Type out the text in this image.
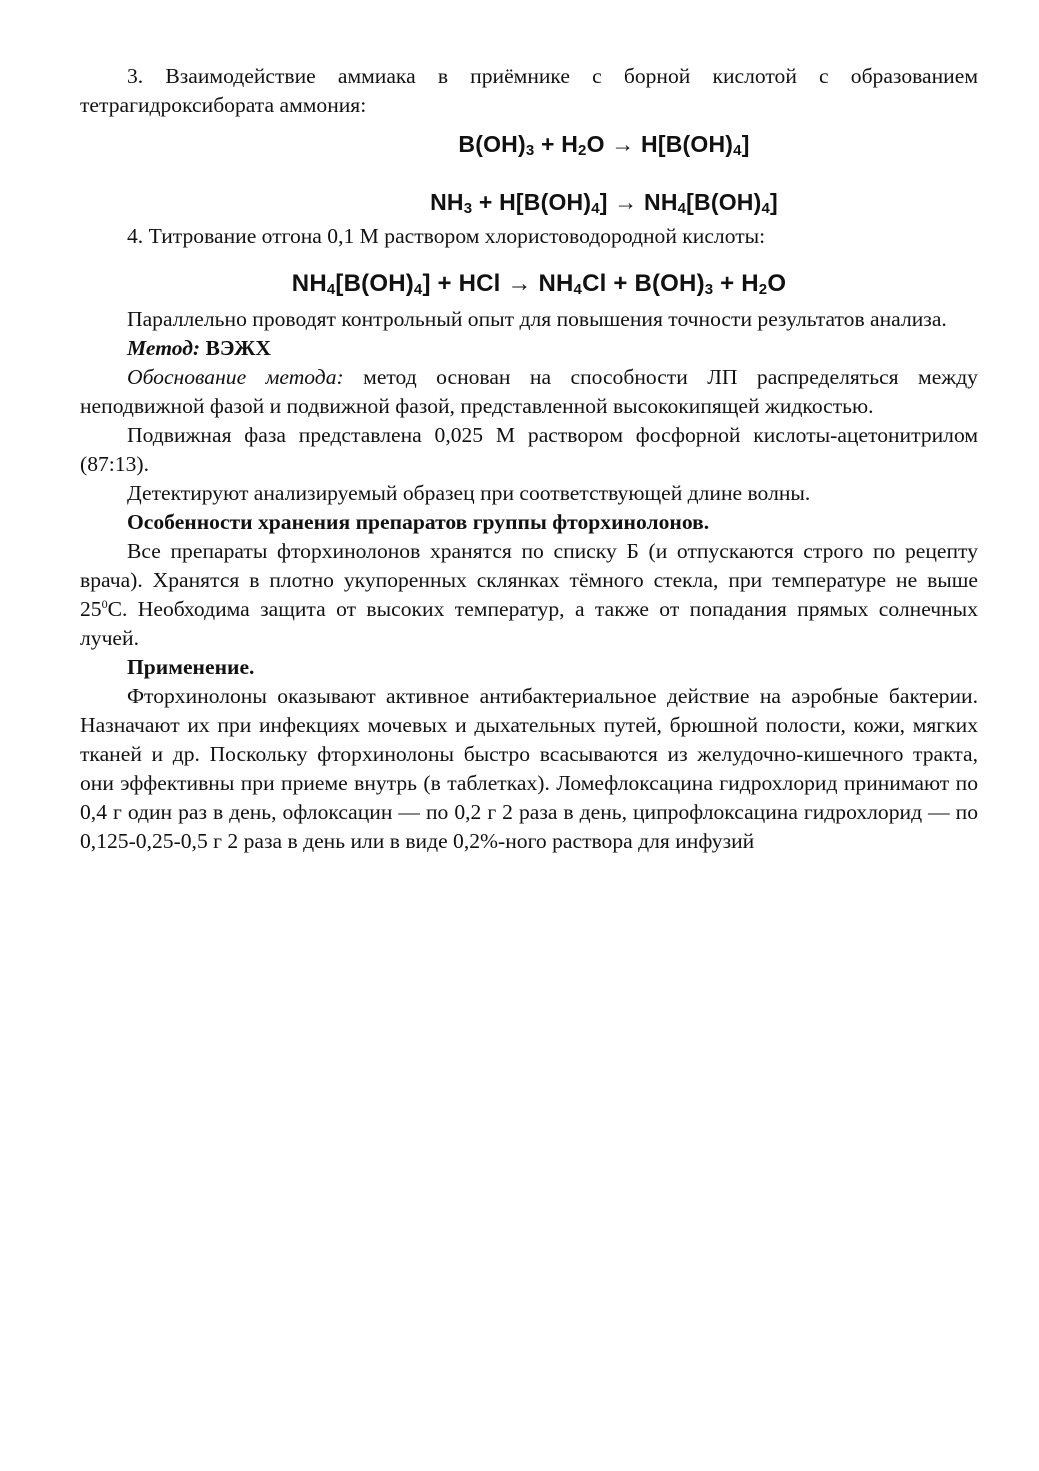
3. Взаимодействие аммиака в приёмнике с борной кислотой с образованием тетрагидроксибората аммония:

$B(OH)_3 + H_2O \to H[B(OH)_4]$
$NH_3 + H[B(OH)_4] \to NH_4[B(OH)_4]$

4. Титрование отгона 0,1 М раствором хлористоводородной кислоты:

$NH_4[B(OH)_4]$ + HCl → $NH_4Cl + B(OH)_3 + H_2O$

Параллельно проводят контрольный опыт для повышения точности результатов анализа.

Метод: ВЭЖХ

Обоснование метода: метод основан на способности ЛП распределяться между неподвижной фазой и подвижной фазой, представленной высококипящей жидкостью.

Подвижная фаза представлена 0,025 М раствором фосфорной кислоты-ацетонитрилом (87:13).

Детектируют анализируемый образец при соответствующей длине волны.

Особенности хранения препаратов группы фторхинолонов.

Все препараты фторхинолонов хранятся по списку Б (и отпускаются строго по рецепту врача). Хранятся в плотно укупоренных склянках тёмного стекла, при температуре не выше $25^0С$. Необходима защита от высоких температур, а также от попадания прямых солнечных лучей.

Применение.

Фторхинолоны оказывают активное антибактериальное действие на аэробные бактерии. Назначают их при инфекциях мочевых и дыхательных путей, брюшной полости, кожи, мягких тканей и др. Поскольку фторхинолоны быстро всасываются из желудочно-кишечного тракта, они эффективны при приеме внутрь (в таблетках). Ломефлоксацина гидрохлорид принимают по 0,4 г один раз в день, офлоксацин — по 0,2 г 2 раза в день, ципрофлоксацина гидрохлорид — по 0,125-0,25-0,5 г 2 раза в день или в виде 0,2%-ного раствора для инфузий
